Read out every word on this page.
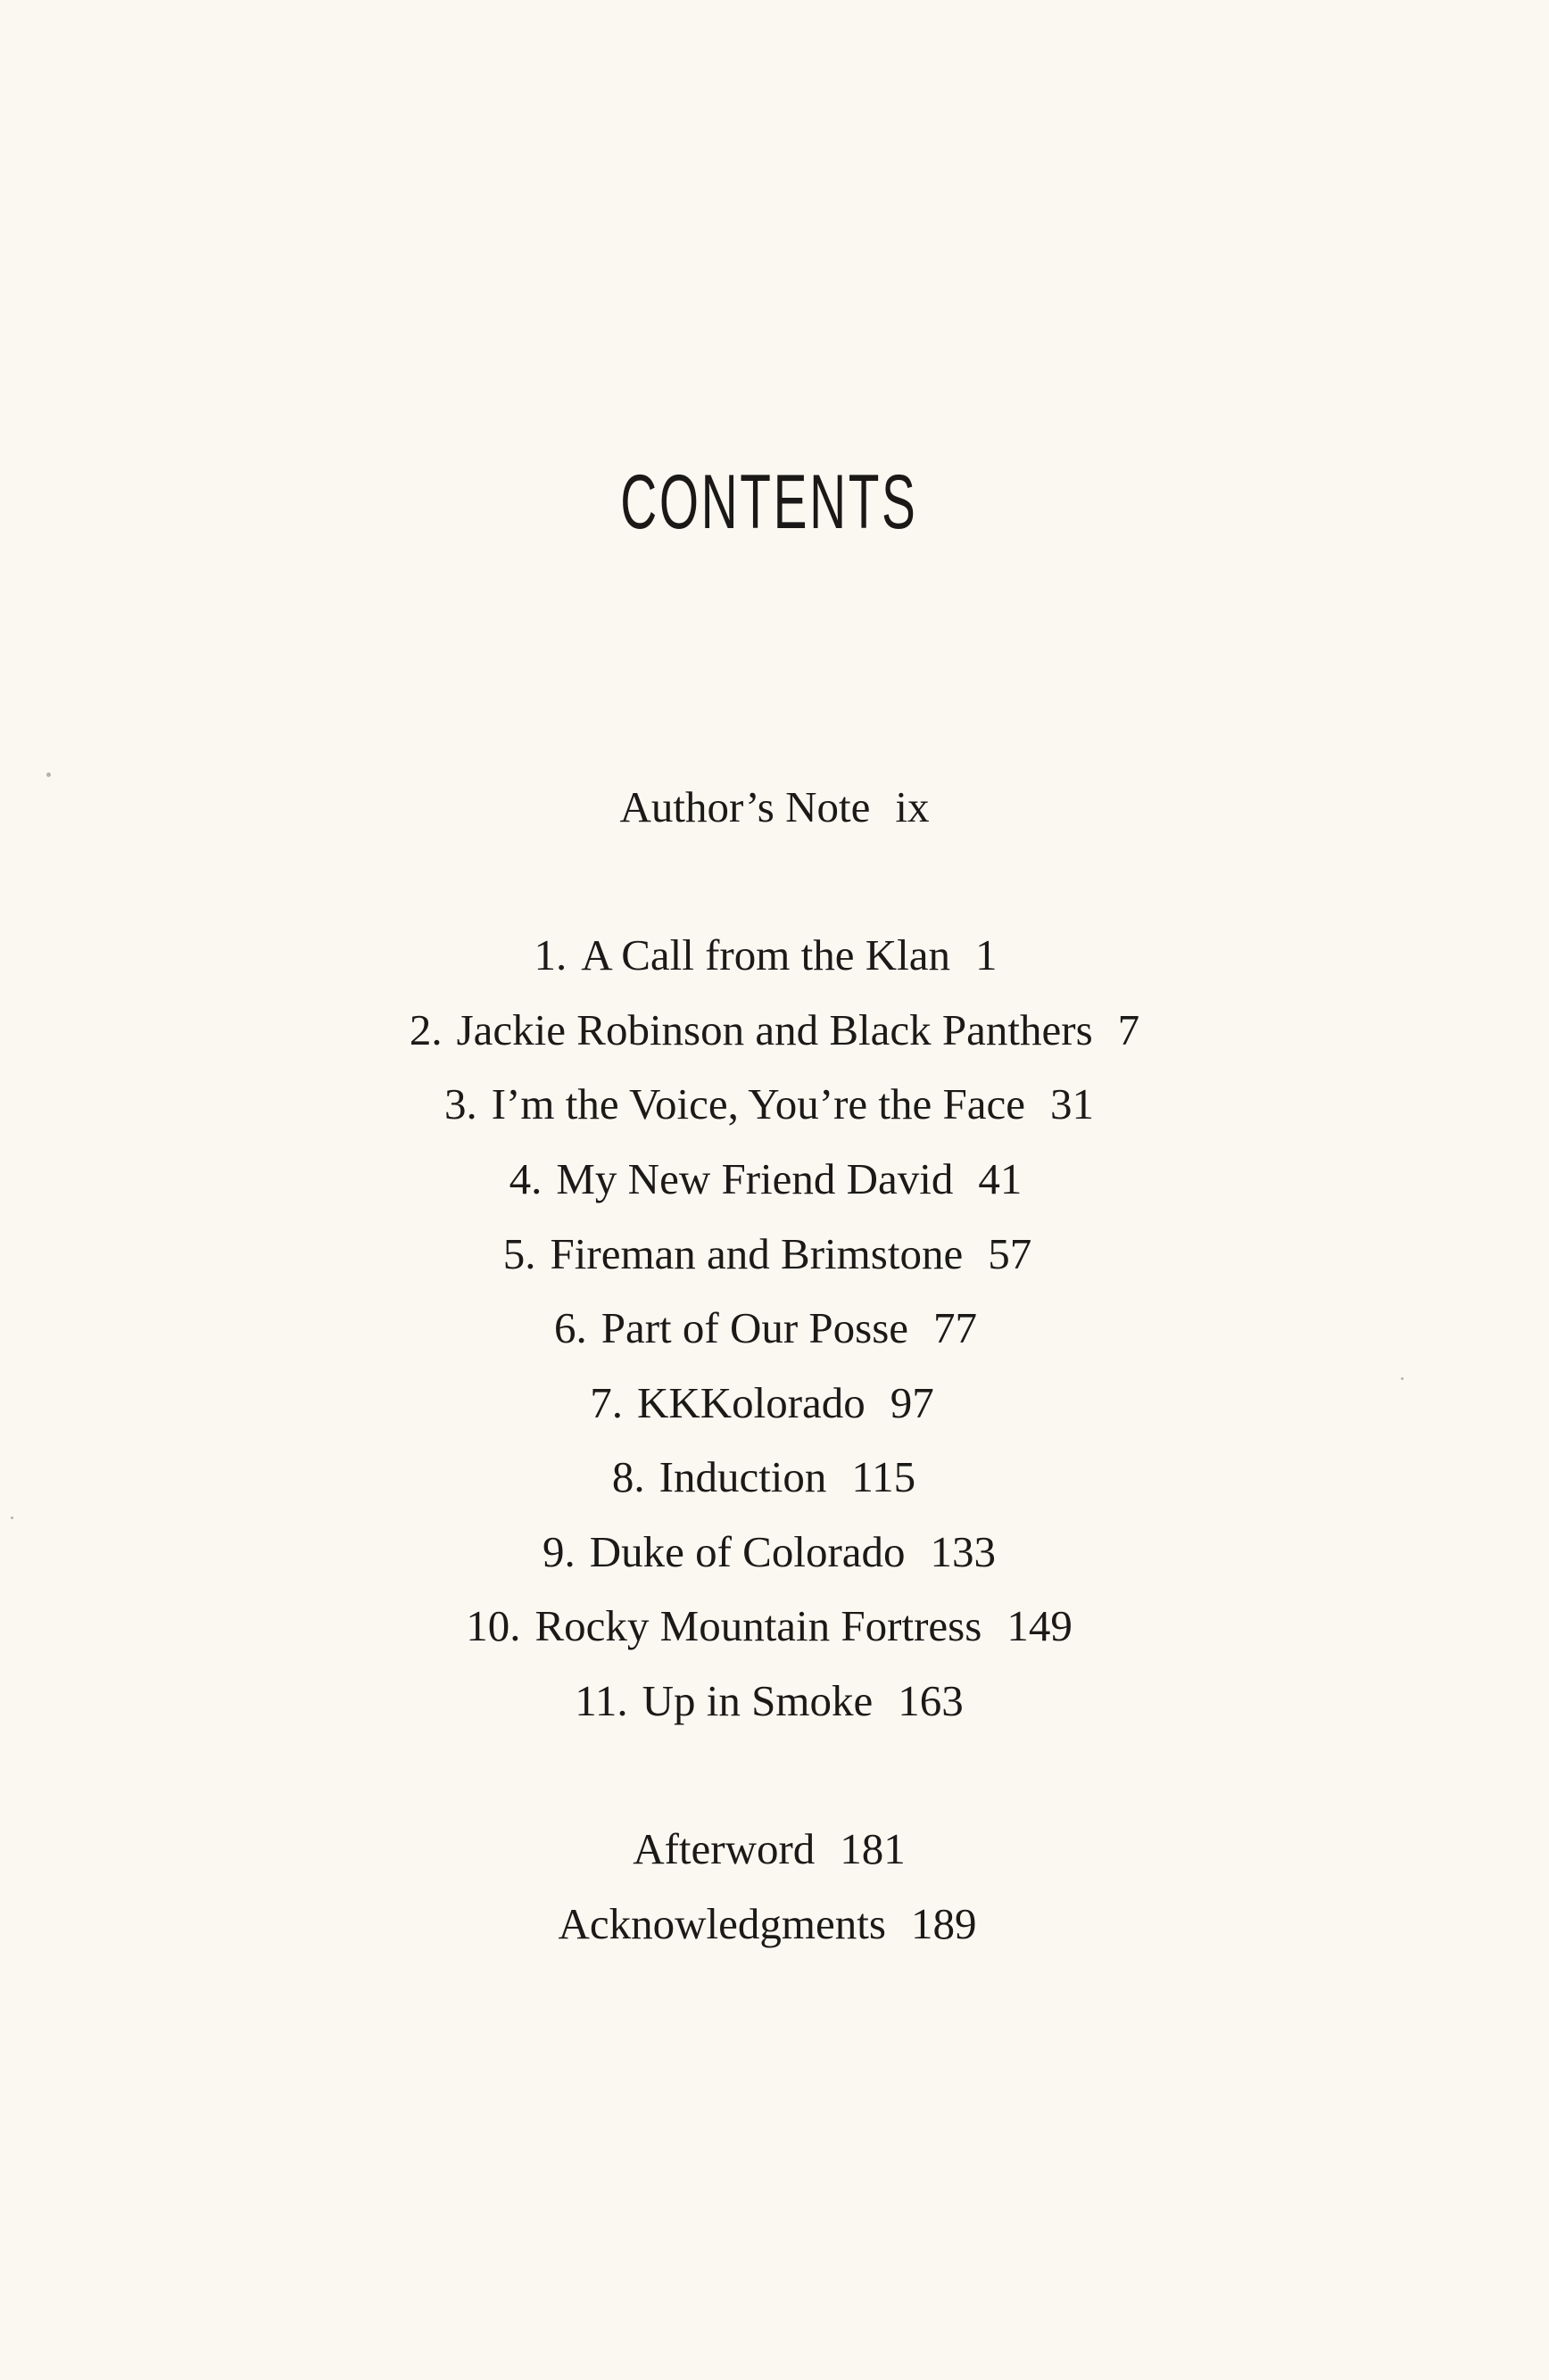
CONTENTS
Author’s Note ix
1. A Call from the Klan 1
2. Jackie Robinson and Black Panthers 7
3. I’m the Voice, You’re the Face 31
4. My New Friend David 41
5. Fireman and Brimstone 57
6. Part of Our Posse 77
7. KKKolorado 97
8. Induction 115
9. Duke of Colorado 133
10. Rocky Mountain Fortress 149
11. Up in Smoke 163
Afterword 181
Acknowledgments 189
